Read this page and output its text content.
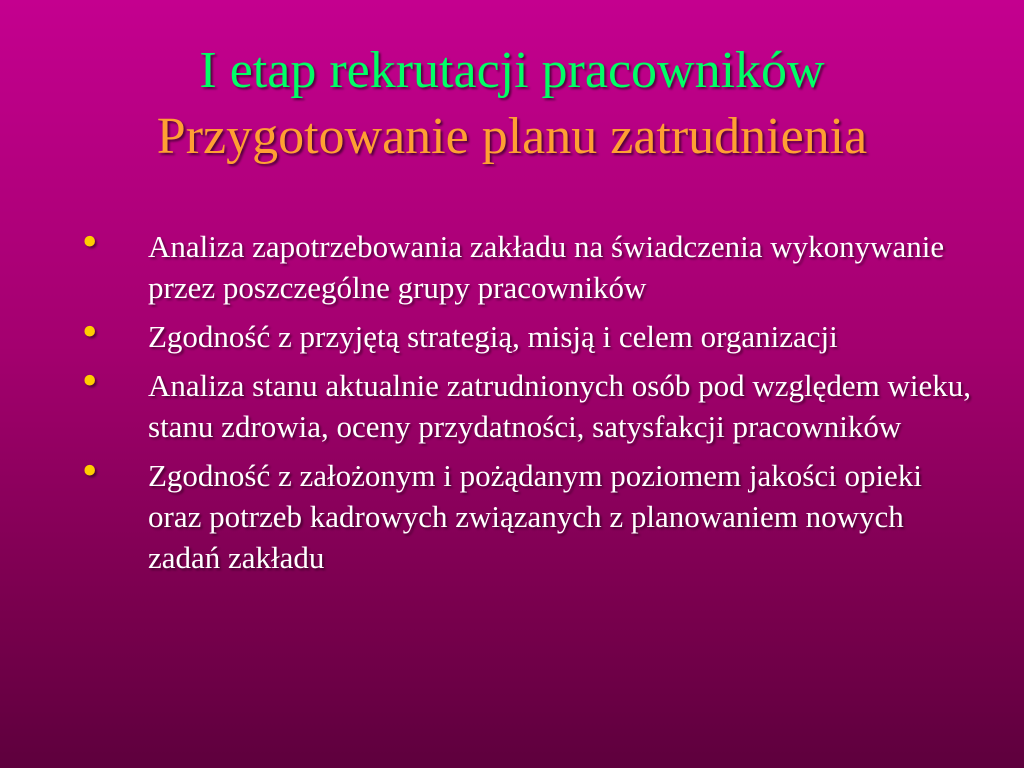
I etap rekrutacji pracowników
Przygotowanie planu zatrudnienia
•	Analiza zapotrzebowania zakładu na świadczenia wykonywanie przez poszczególne grupy pracowników
•	Zgodność z przyjętą strategią, misją i celem organizacji
•	Analiza stanu aktualnie zatrudnionych osób pod względem wieku, stanu zdrowia, oceny przydatności, satysfakcji pracowników
•	Zgodność z założonym i pożądanym poziomem jakości opieki oraz potrzeb kadrowych związanych z planowaniem nowych zadań zakładu
